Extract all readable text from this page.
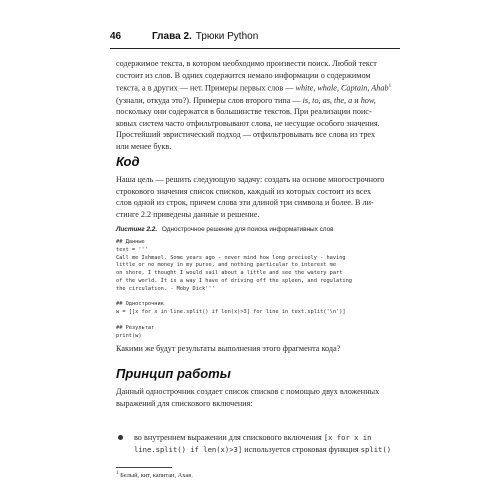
46	Глава 2. Трюки Python
содержимое текста, в котором необходимо произвести поиск. Любой текст
состоит из слов. В одних содержится немало информации о содержимом
текста, а в других — нет. Примеры первых слов — white, whale, Captain, Ahab$^1$
(узнали, откуда это?). Примеры слов второго типа — is, to, as, the, a и how,
поскольку они содержатся в большинстве текстов. При реализации поис-
ковых систем часто отфильтровывают слова, не несущие особого значения.
Простейший эвристический подход — отфильтровывать все слова из трех
или менее букв.
Код
Наша цель — решить следующую задачу: создать на основе многострочного
строкового значения список списков, каждый из которых состоит из всех
слов одной из строк, причем слова эти длиной три символа и более. В ли-
стинге 2.2 приведены данные и решение.
Листинг 2.2. Однострочное решение для поиска информативных слов
## Данные
text = '''
Call me Ishmael. Some years ago - never mind how long precisely - having
little or no money in my purse, and nothing particular to interest me
on shore, I thought I would sail about a little and see the watery part
of the world. It is a way I have of driving off the spleen, and regulating
the circulation. - Moby Dick'''
## Однострочник
w = [[x for x in line.split() if len(x)>3] for line in text.split('\n')]
## Результат
print(w)
Какими же будут результаты выполнения этого фрагмента кода?
Принцип работы
Данный однострочник создает список списков с помощью двух вложенных
выражений для спискового включения:
во внутреннем выражении для спискового включения [x for x in
line.split() if len(x)>3] используется строковая функция split()
$^1$ Белый, кит, капитан, Ахав.
